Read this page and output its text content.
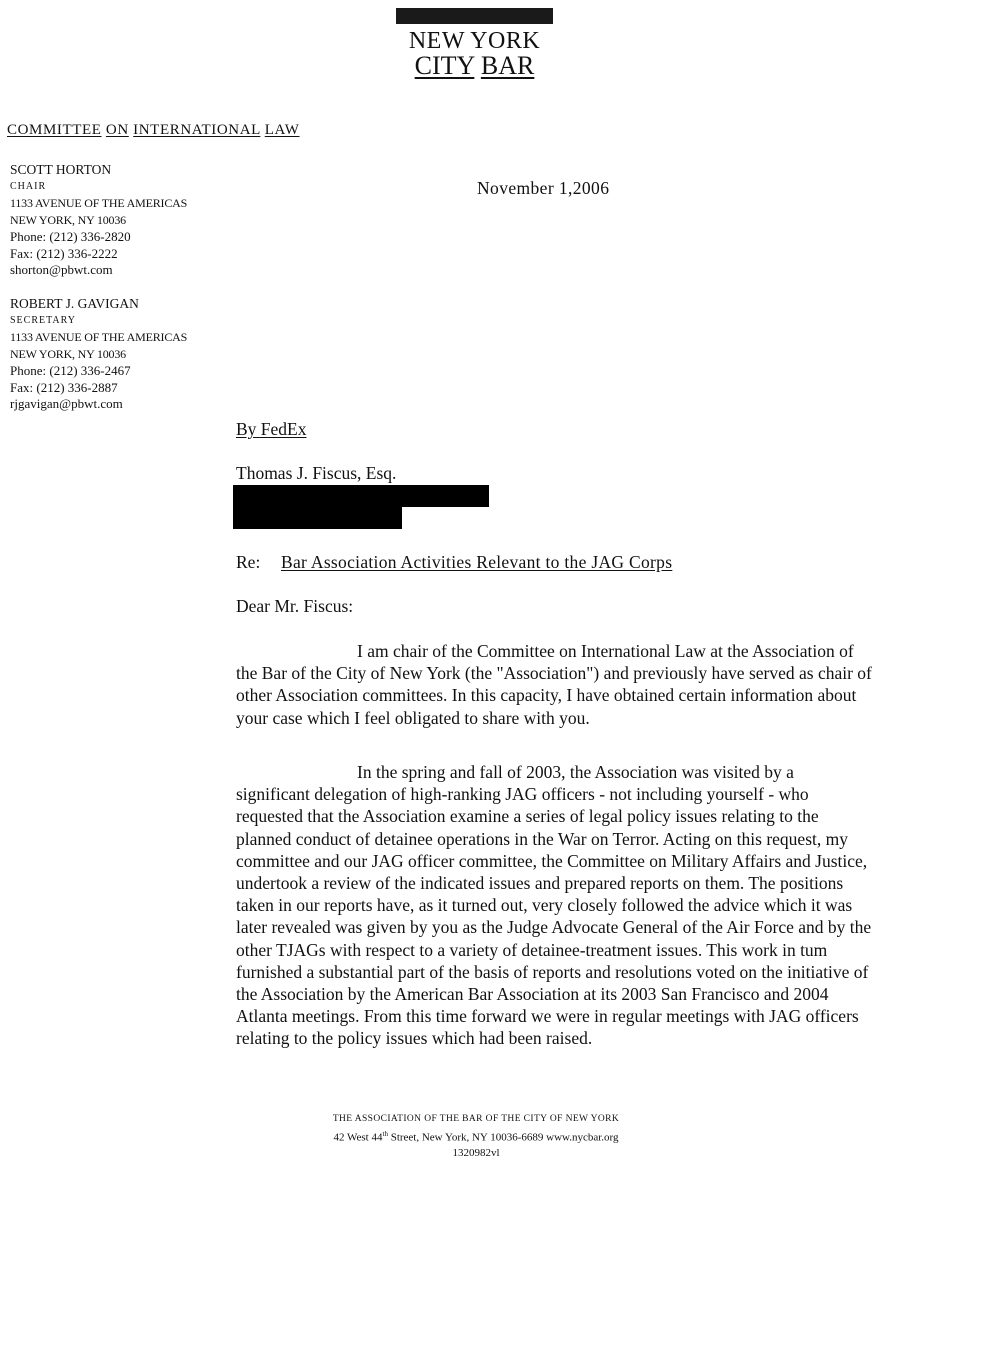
NEW YORK
CITY BAR
COMMITTEE ON INTERNATIONAL LAW
SCOTT HORTON
CHAIR
1133 AVENUE OF THE AMERICAS
NEW YORK, NY 10036
Phone: (212) 336-2820
Fax: (212) 336-2222
shorton@pbwt.com
ROBERT J. GAVIGAN
SECRETARY
1133 AVENUE OF THE AMERICAS
NEW YORK, NY 10036
Phone: (212) 336-2467
Fax: (212) 336-2887
rjgavigan@pbwt.com
November 1,2006
By FedEx
Thomas J. Fiscus, Esq.
Re: Bar Association Activities Relevant to the JAG Corps
Dear Mr. Fiscus:
I am chair of the Committee on International Law at the Association of the Bar of the City of New York (the "Association") and previously have served as chair of other Association committees. In this capacity, I have obtained certain information about your case which I feel obligated to share with you.
In the spring and fall of 2003, the Association was visited by a significant delegation of high-ranking JAG officers - not including yourself - who requested that the Association examine a series of legal policy issues relating to the planned conduct of detainee operations in the War on Terror. Acting on this request, my committee and our JAG officer committee, the Committee on Military Affairs and Justice, undertook a review of the indicated issues and prepared reports on them. The positions taken in our reports have, as it turned out, very closely followed the advice which it was later revealed was given by you as the Judge Advocate General of the Air Force and by the other TJAGs with respect to a variety of detainee-treatment issues. This work in tum furnished a substantial part of the basis of reports and resolutions voted on the initiative of the Association by the American Bar Association at its 2003 San Francisco and 2004 Atlanta meetings. From this time forward we were in regular meetings with JAG officers relating to the policy issues which had been raised.
THE ASSOCIATION OF THE BAR OF THE CITY OF NEW YORK
42 West 44th Street, New York, NY 10036-6689 www.nycbar.org
1320982vl
